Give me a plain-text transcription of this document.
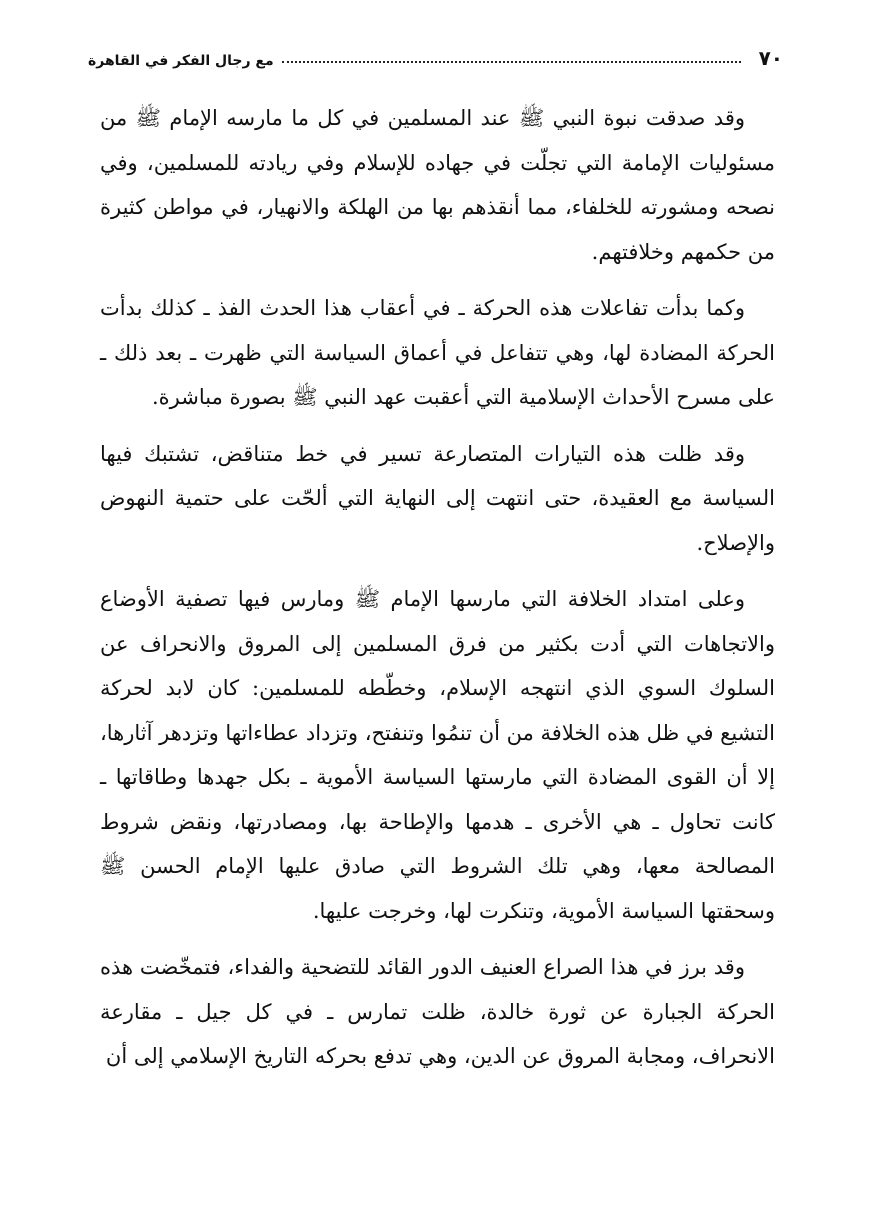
٧٠
مع رجال الفكر في القاهرة

وقد صدقت نبوة النبي ﷺ عند المسلمين في كل ما مارسه الإمام ﷺ من مسئوليات الإمامة التي تجلّت في جهاده للإسلام وفي ريادته للمسلمين، وفي نصحه ومشورته للخلفاء، مما أنقذهم بها من الهلكة والانهيار، في مواطن كثيرة من حكمهم وخلافتهم.

وكما بدأت تفاعلات هذه الحركة ـ في أعقاب هذا الحدث الفذ ـ كذلك بدأت الحركة المضادة لها، وهي تتفاعل في أعماق السياسة التي ظهرت ـ بعد ذلك ـ على مسرح الأحداث الإسلامية التي أعقبت عهد النبي ﷺ بصورة مباشرة.

وقد ظلت هذه التيارات المتصارعة تسير في خط متناقض، تشتبك فيها السياسة مع العقيدة، حتى انتهت إلى النهاية التي ألحّت على حتمية النهوض والإصلاح.

وعلى امتداد الخلافة التي مارسها الإمام ﷺ ومارس فيها تصفية الأوضاع والاتجاهات التي أدت بكثير من فرق المسلمين إلى المروق والانحراف عن السلوك السوي الذي انتهجه الإسلام، وخطّطه للمسلمين: كان لابد لحركة التشيع في ظل هذه الخلافة من أن تنمُوا وتنفتح، وتزداد عطاءاتها وتزدهر آثارها، إلا أن القوى المضادة التي مارستها السياسة الأموية ـ بكل جهدها وطاقاتها ـ كانت تحاول ـ هي الأخرى ـ هدمها والإطاحة بها، ومصادرتها، ونقض شروط المصالحة معها، وهي تلك الشروط التي صادق عليها الإمام الحسن ﷺ وسحقتها السياسة الأموية، وتنكرت لها، وخرجت عليها.

وقد برز في هذا الصراع العنيف الدور القائد للتضحية والفداء، فتمخّضت هذه الحركة الجبارة عن ثورة خالدة، ظلت تمارس ـ في كل جيل ـ مقارعة الانحراف، ومجابة المروق عن الدين، وهي تدفع بحركه التاريخ الإسلامي إلى أن
